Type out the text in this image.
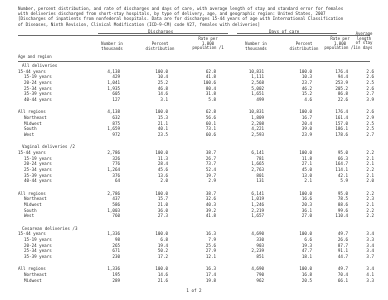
Number, percent distribution, and rate of discharges and days of care, with average length of stay and standard error for females
with deliveries discharged from short-stay hospitals, by type of delivery, age, and geographic region: United States, 2007
[Discharges of inpatients from nonfederal hospitals. Data are for discharges 15-44 years of age with International Classification
of Diseases, Ninth Revision, Clinical Modification (ICD-9-CM) code V27, females with deliveries]
Discharges	Days of care
Age and region
Number in
thousands
Percent
distribution
Rate per
1,000
population /1
Number in
thousands
Percent
distribution
Rate per
1,000
population /1
Average
length
of stay
in days
All deliveries
15-44 years	4,138	100.0	62.8	10,831	100.0	176.4	2.6
15-19 years	429	10.4	41.8	1,111	10.3	94.4	2.6
20-24 years	1,041	25.2	100.6	2,568	23.7	253.9	2.5
25-34 years	1,935	46.8	80.4	5,002	46.2	205.2	2.6
35-39 years	605	14.6	31.8	1,651	15.2	86.8	2.7
40-44 years	127	3.1	5.8	499	4.6	22.6	3.9
All regions	4,138	100.0	62.8	10,831	100.0	176.4	2.6
Northeast	632	15.3	56.6	1,809	16.7	161.4	2.9
Midwest	875	21.1	60.1	2,208	20.4	157.0	2.5
South	1,659	40.1	73.1	4,221	39.0	186.1	2.5
West	972	23.5	60.6	2,593	23.9	178.6	2.7
Vaginal deliveries /2
15-44 years	2,786	100.0	38.7	6,141	100.0	95.0	2.2
15-19 years	326	11.3	26.7	781	11.8	66.3	2.1
20-24 years	776	28.4	73.7	1,665	27.1	164.7	2.1
25-34 years	1,264	45.6	52.4	2,763	45.0	114.1	2.2
35-39 years	376	13.6	19.7	801	13.0	42.1	2.1
40-44 years	64	2.0	2.9	131	2.1	5.9	2.0
All regions	2,786	100.0	38.7	6,141	100.0	95.0	2.2
Northeast	437	15.7	32.6	1,019	16.6	78.5	2.3
Midwest	586	21.0	40.3	1,246	20.3	88.6	2.1
South	1,003	36.0	39.2	2,219	36.1	99.6	2.2
West	760	27.3	41.8	1,657	27.0	110.4	2.2
Cesarean deliveries /3
15-44 years	1,336	100.0	16.3	4,690	100.0	49.7	3.4
15-19 years	98	6.8	7.9	330	6.6	26.6	3.3
20-24 years	265	19.4	25.6	903	19.3	87.7	3.4
25-34 years	671	50.2	27.9	2,239	47.7	91.1	3.4
35-39 years	230	17.2	12.1	851	18.1	44.7	3.7
All regions	1,336	100.0	16.3	4,690	100.0	49.7	3.4
Northeast	195	14.6	17.4	790	16.8	70.4	4.1
Midwest	289	21.6	19.8	962	20.5	66.1	3.3
1 of 2
